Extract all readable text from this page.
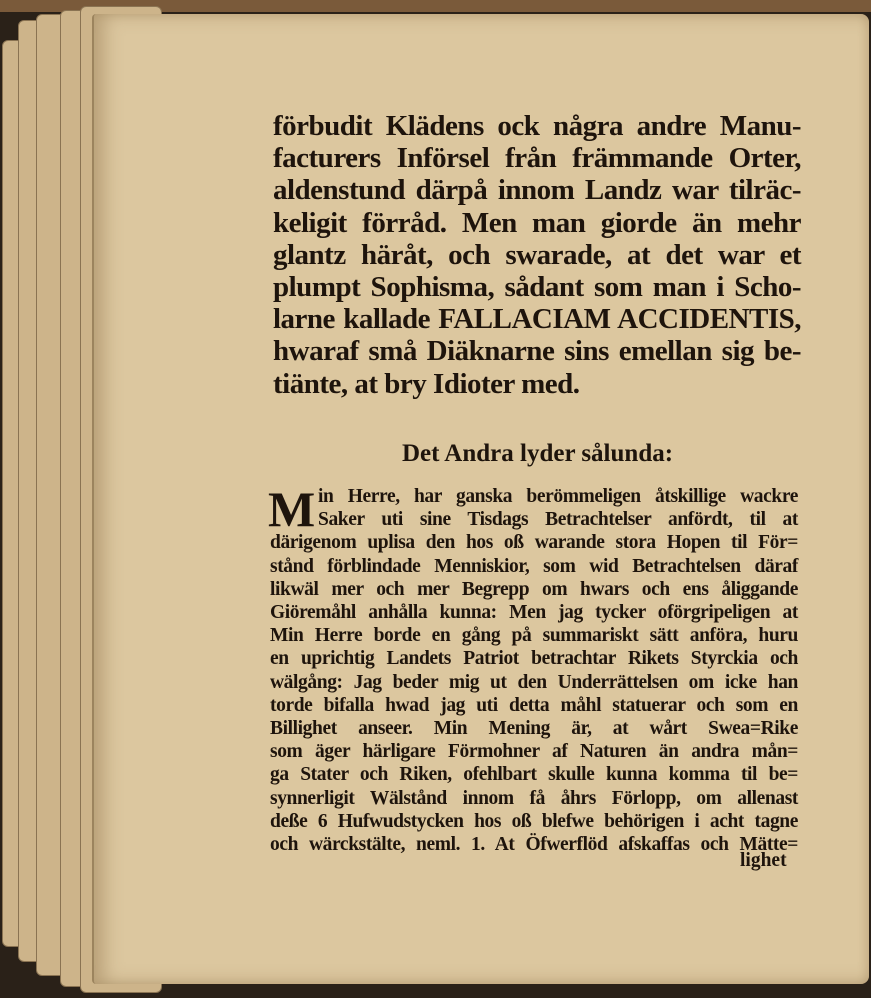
förbudit Klädens ock några andre Manu-
facturers Införsel från främmande Orter,
aldenstund därpå innom Landz war tilräc-
keligit förråd. Men man giorde än mehr
glantz häråt, och swarade, at det war et
plumpt Sophisma, sådant som man i Scho-
larne kallade FALLACIAM ACCIDENTIS,
hwaraf små Diäknarne sins emellan sig be-
tiänte, at bry Idioter med.
Det Andra lyder sålunda:
M in Herre, har ganska berömmeligen åtskillige wackre
Saker uti sine Tisdags Betrachtelser anfördt, til at
därigenom uplisa den hos oß warande stora Hopen til För=
stånd förblindade Menniskior, som wid Betrachtelsen däraf
likwäl mer och mer Begrepp om hwars och ens åliggande
Giöremåhl anhålla kunna: Men jag tycker oförgripeligen at
Min Herre borde en gång på summariskt sätt anföra, huru
en uprichtig Landets Patriot betrachtar Rikets Styrckia och
wälgång: Jag beder mig ut den Underrättelsen om icke han
torde bifalla hwad jag uti detta måhl statuerar och som en
Billighet anseer. Min Mening är, at wårt Swea=Rike
som äger härligare Förmohner af Naturen än andra mån=
ga Stater och Riken, ofehlbart skulle kunna komma til be=
synnerligit Wälstånd innom få åhrs Förlopp, om allenast
deße 6 Hufwudstycken hos oß blefwe behörigen i acht tagne
och wärckstälte, neml. 1. At Öfwerflöd afskaffas och Mätte=
lighet
